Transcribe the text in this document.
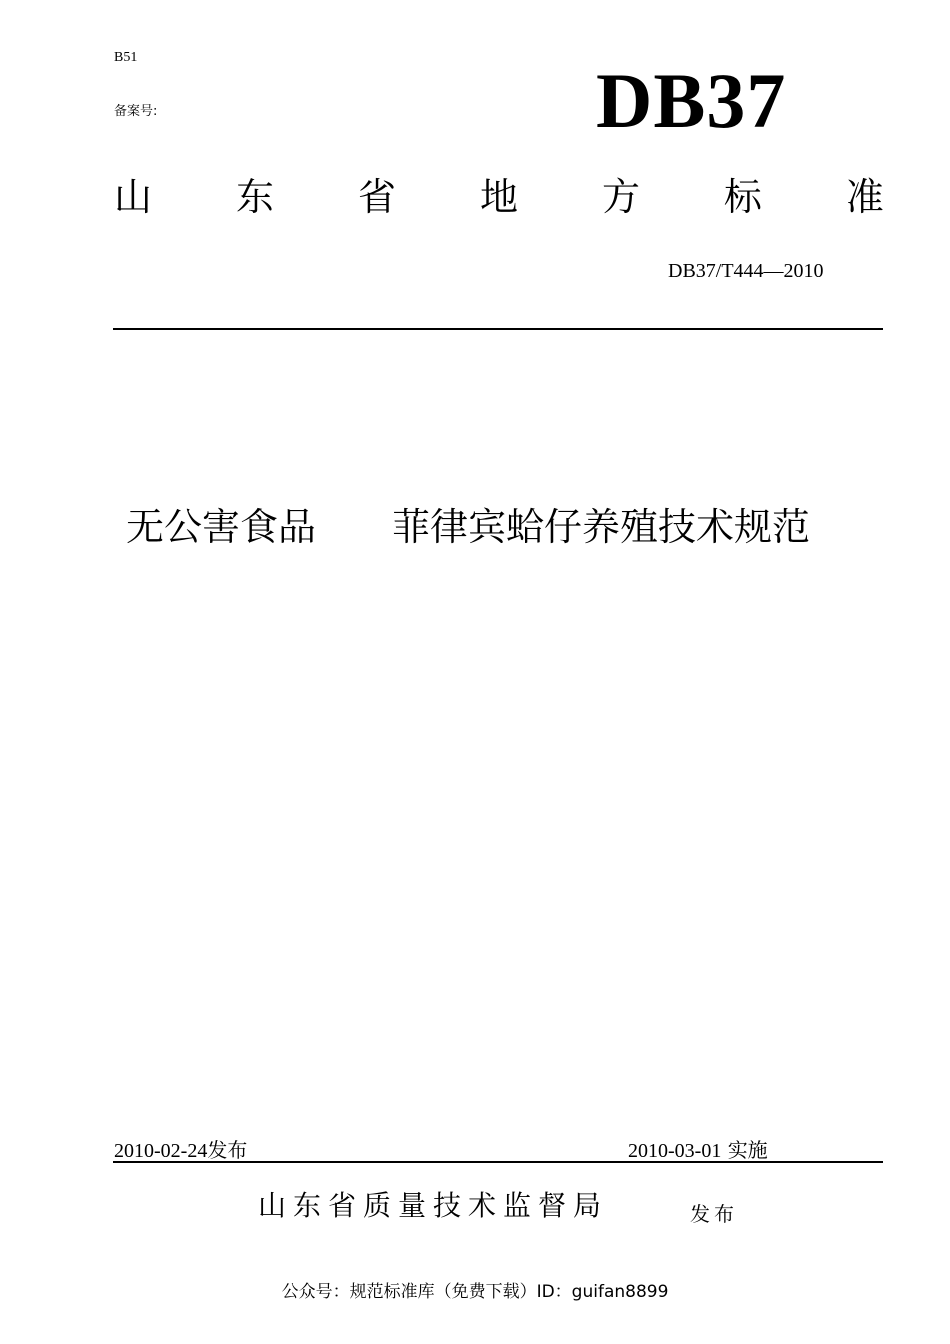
B51
备案号:	DB37
山 东 省 地 方 标 准
DB37/T444—2010
无公害食品　　菲律宾蛤仔养殖技术规范
2010-02-24发布	2010-03-01 实施
山东省质量技术监督局	发布
公众号：规范标准库（免费下载）ID：guifan8899
